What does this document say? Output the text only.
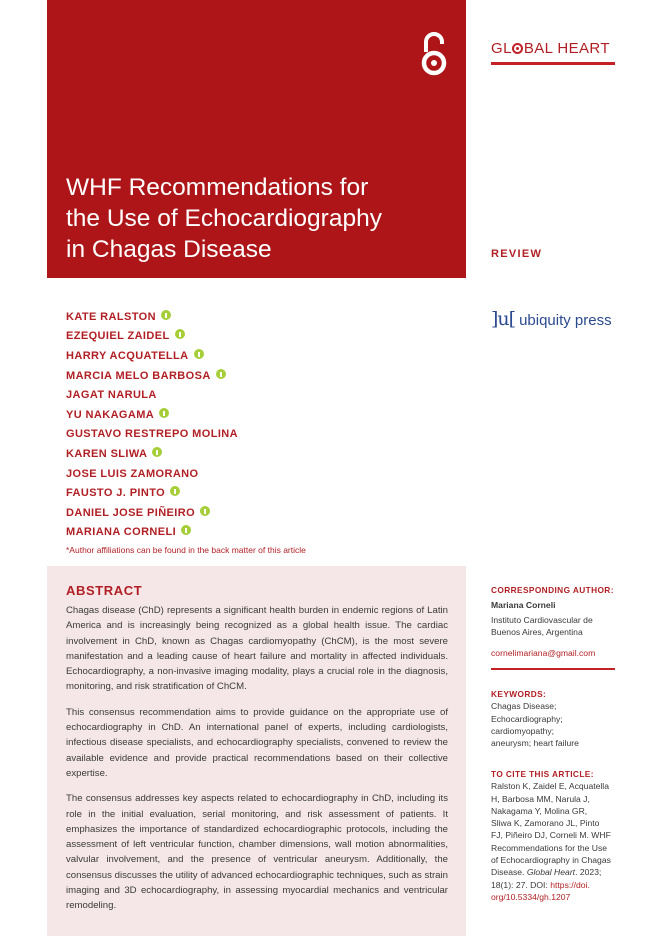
WHF Recommendations for
the Use of Echocardiography
in Chagas Disease
GL BAL HEART
REVIEW
]u[ ubiquity press
KATE RALSTON
EZEQUIEL ZAIDEL
HARRY ACQUATELLA
MARCIA MELO BARBOSA
JAGAT NARULA
YU NAKAGAMA
GUSTAVO RESTREPO MOLINA
KAREN SLIWA
JOSE LUIS ZAMORANO
FAUSTO J. PINTO
DANIEL JOSE PIÑEIRO
MARIANA CORNELI
*Author affiliations can be found in the back matter of this article
ABSTRACT

Chagas disease (ChD) represents a significant health burden in endemic regions of Latin America and is increasingly being recognized as a global health issue. The cardiac involvement in ChD, known as Chagas cardiomyopathy (ChCM), is the most severe manifestation and a leading cause of heart failure and mortality in affected individuals. Echocardiography, a non-invasive imaging modality, plays a crucial role in the diagnosis, monitoring, and risk stratification of ChCM.

This consensus recommendation aims to provide guidance on the appropriate use of echocardiography in ChD. An international panel of experts, including cardiologists, infectious disease specialists, and echocardiography specialists, convened to review the available evidence and provide practical recommendations based on their collective expertise.

The consensus addresses key aspects related to echocardiography in ChD, including its role in the initial evaluation, serial monitoring, and risk assessment of patients. It emphasizes the importance of standardized echocardiographic protocols, including the assessment of left ventricular function, chamber dimensions, wall motion abnormalities, valvular involvement, and the presence of ventricular aneurysm. Additionally, the consensus discusses the utility of advanced echocardiographic techniques, such as strain imaging and 3D echocardiography, in assessing myocardial mechanics and ventricular remodeling.

CORRESPONDING AUTHOR:
Mariana Corneli
Instituto Cardiovascular de
Buenos Aires, Argentina
cornelimariana@gmail.com
KEYWORDS:
Chagas Disease;
Echocardiography;
cardiomyopathy;
aneurysm; heart failure
TO CITE THIS ARTICLE:
Ralston K, Zaidel E, Acquatella
H, Barbosa MM, Narula J,
Nakagama Y, Molina GR,
Sliwa K, Zamorano JL, Pinto
FJ, Piñeiro DJ, Corneli M. WHF
Recommendations for the Use
of Echocardiography in Chagas
Disease. Global Heart. 2023;
18(1): 27. DOI: https://doi.
org/10.5334/gh.1207
